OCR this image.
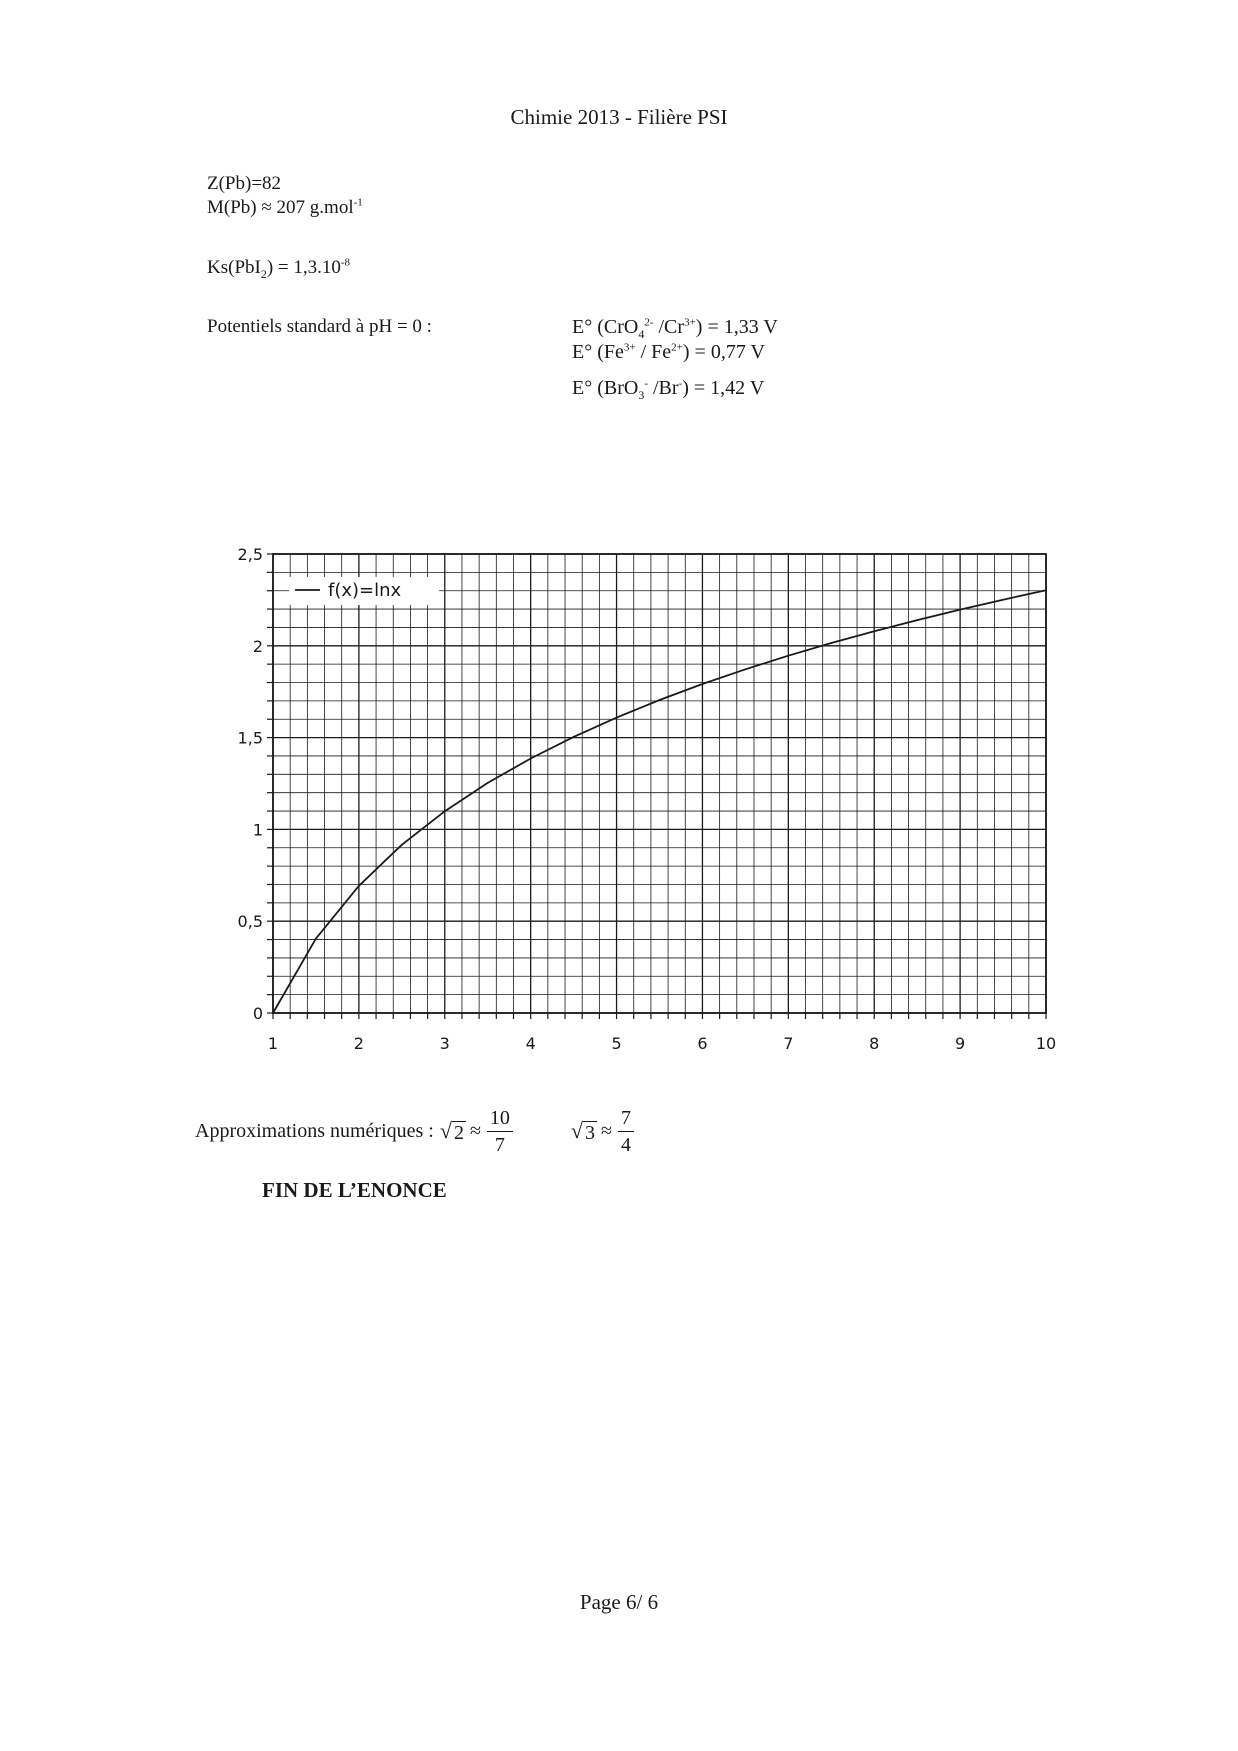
Chimie 2013 - Filière PSI
Z(Pb)=82
M(Pb) ≈ 207 g.mol$^{-1}$
$Ks(PbI_2) = 1,3.10^{-8}$
Potentiels standard à pH = 0 :	E° (CrO$_4^{2-}$ $/Cr^{3+}) = 1,33$ V
E° $(Fe^{3+} / Fe^{2+}) = 0,77$ V
E° (BrO$_3$- /Br-) = 1,42 V
1	2	3	4	5	6	7	8	9	10
0
0,5
1
1,5
2
2,5
f(x)=lnx
Approximations numériques : √ $2 \approx \frac{10}{7}$	√ $3 \approx \frac{7}{4}$
FIN DE L’ENONCE
Page 6/ 6
